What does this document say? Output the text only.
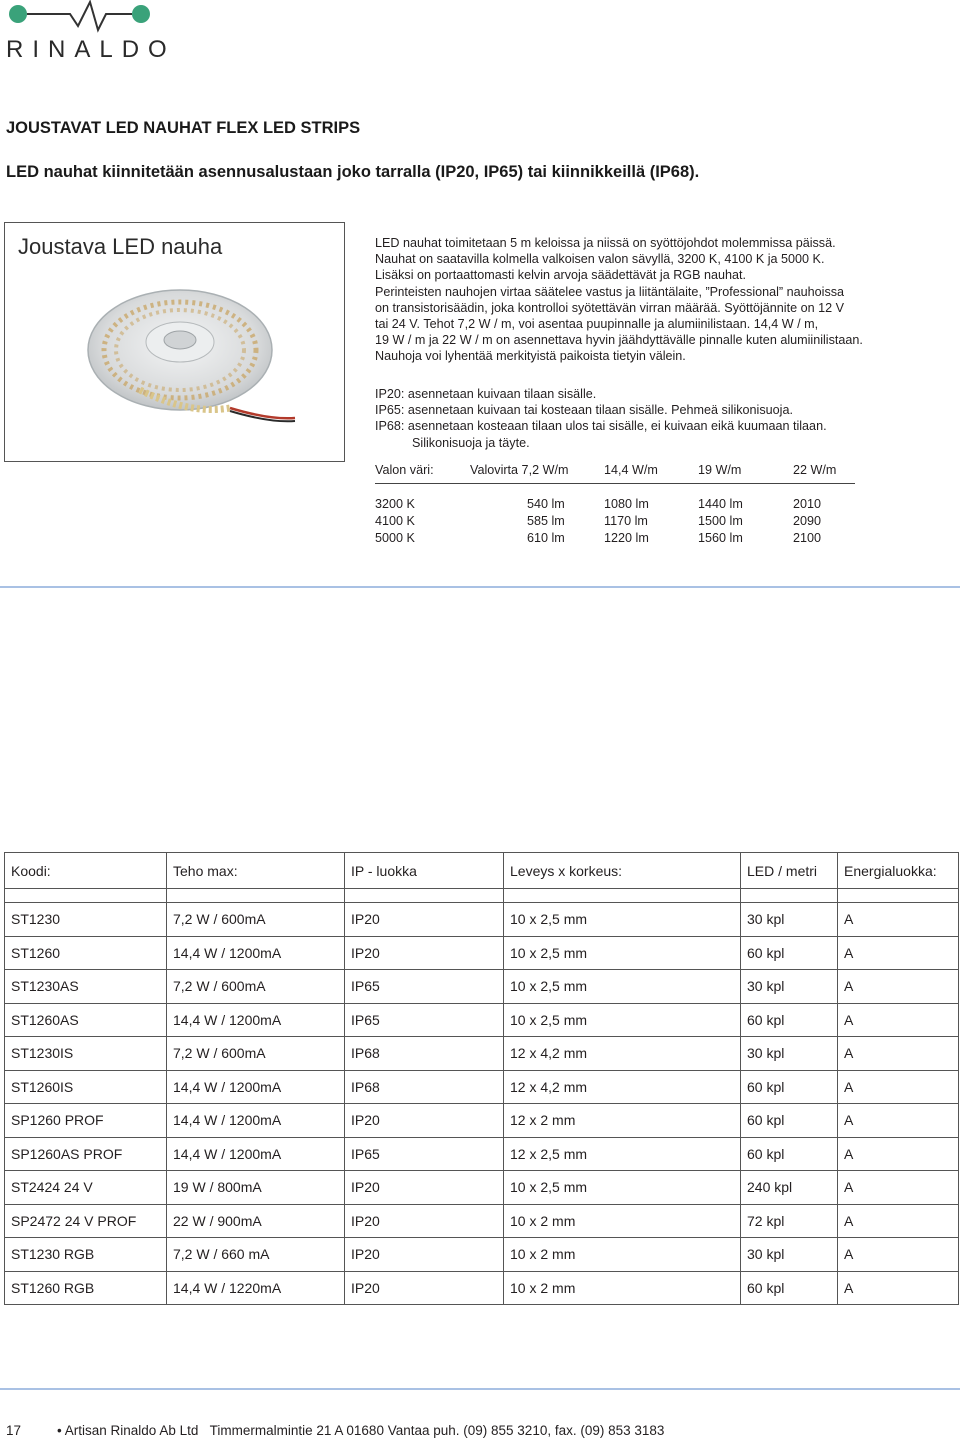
RINALDO
JOUSTAVAT LED NAUHAT FLEX LED STRIPS
LED nauhat kiinnitetään asennusalustaan joko tarralla (IP20, IP65) tai kiinnikkeillä (IP68).
Joustava LED nauha	LED nauhat toimitetaan 5 m keloissa ja niissä on syöttöjohdot molemmissa päissä.
Nauhat on saatavilla kolmella valkoisen valon sävyllä, 3200 K, 4100 K ja 5000 K.
Lisäksi on portaattomasti kelvin arvoja säädettävät ja RGB nauhat.
Perinteisten nauhojen virtaa säätelee vastus ja liitäntälaite, ”Professional” nauhoissa
on transistorisäädin, joka kontrolloi syötettävän virran määrää. Syöttöjännite on 12 V
tai 24 V. Tehot 7,2 W / m, voi asentaa puupinnalle ja alumiinilistaan. 14,4 W / m,
19 W / m ja 22 W / m on asennettava hyvin jäähdyttävälle pinnalle kuten alumiinilistaan.
Nauhoja voi lyhentää merkityistä paikoista tietyin välein.
IP20: asennetaan kuivaan tilaan sisälle.
IP65: asennetaan kuivaan tai kosteaan tilaan sisälle. Pehmeä silikonisuoja.
IP68: asennetaan kosteaan tilaan ulos tai sisälle, ei kuivaan eikä kuumaan tilaan.
Silikonisuoja ja täyte.
Valon väri:	Valovirta 7,2 W/m	14,4 W/m	19 W/m	22 W/m
3200 K	540 lm	1080 lm	1440 lm	2010
4100 K	585 lm	1170 lm	1500 lm	2090
5000 K	610 lm	1220 lm	1560 lm	2100
Koodi:	Teho max:	IP - luokka	Leveys x korkeus:	LED / metri	Energialuokka:

ST1230	7,2 W / 600mA	IP20	10 x 2,5 mm	30 kpl	A
ST1260	14,4 W / 1200mA	IP20	10 x 2,5 mm	60 kpl	A
ST1230AS	7,2 W / 600mA	IP65	10 x 2,5 mm	30 kpl	A
ST1260AS	14,4 W / 1200mA	IP65	10 x 2,5 mm	60 kpl	A
ST1230IS	7,2 W / 600mA	IP68	12 x 4,2 mm	30 kpl	A
ST1260IS	14,4 W / 1200mA	IP68	12 x 4,2 mm	60 kpl	A
SP1260 PROF	14,4 W / 1200mA	IP20	12 x 2 mm	60 kpl	A
SP1260AS PROF	14,4 W / 1200mA	IP65	12 x 2,5 mm	60 kpl	A
ST2424 24 V	19 W / 800mA	IP20	10 x 2,5 mm	240 kpl	A
SP2472 24 V PROF	22 W / 900mA	IP20	10 x 2 mm	72 kpl	A
ST1230 RGB	7,2 W / 660 mA	IP20	10 x 2 mm	30 kpl	A
ST1260 RGB	14,4 W / 1220mA	IP20	10 x 2 mm	60 kpl	A
17	• Artisan Rinaldo Ab Ltd Timmermalmintie 21 A 01680 Vantaa puh. (09) 855 3210, fax. (09) 853 3183
